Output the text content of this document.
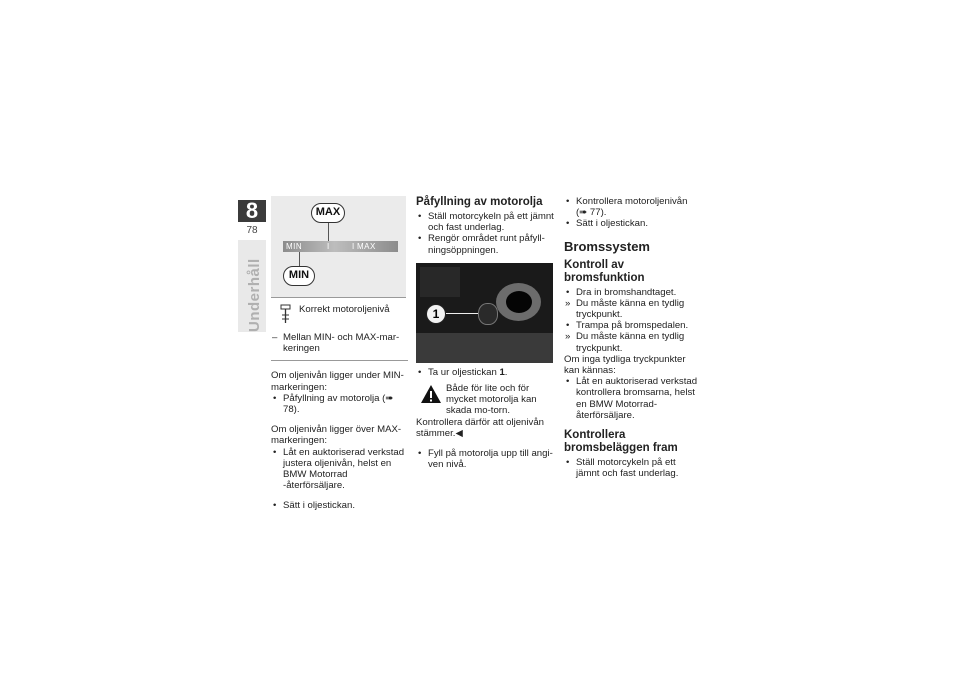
8
78
Underhåll
MAX
MIN	I	I MAX
MIN
Korrekt motoroljenivå
– Mellan MIN- och MAX-mar-keringen
Om oljenivån ligger under MIN-markeringen:
• Påfyllning av motorolja (➠ 78).
Om oljenivån ligger över MAX-markeringen:
• Låt en auktoriserad verkstad justera oljenivån, helst en BMW Motorrad -återförsäljare.
• Sätt i oljestickan.
Påfyllning av motorolja
• Ställ motorcykeln på ett jämnt och fast underlag.
• Rengör området runt påfyll-ningsöppningen.
1
• Ta ur oljestickan 1.
Både för lite och för mycket motorolja kan skada mo-torn.
Kontrollera därför att oljenivån stämmer.◀
• Fyll på motorolja upp till angi-ven nivå.
• Kontrollera motoroljenivån (➠ 77).
• Sätt i oljestickan.
Bromssystem
Kontroll av bromsfunktion
• Dra in bromshandtaget.
» Du måste känna en tydlig tryckpunkt.
• Trampa på bromspedalen.
» Du måste känna en tydlig tryckpunkt.
Om inga tydliga tryckpunkter kan kännas:
• Låt en auktoriserad verkstad kontrollera bromsarna, helst en BMW Motorrad-återförsäljare.
Kontrollera bromsbeläggen fram
• Ställ motorcykeln på ett jämnt och fast underlag.
